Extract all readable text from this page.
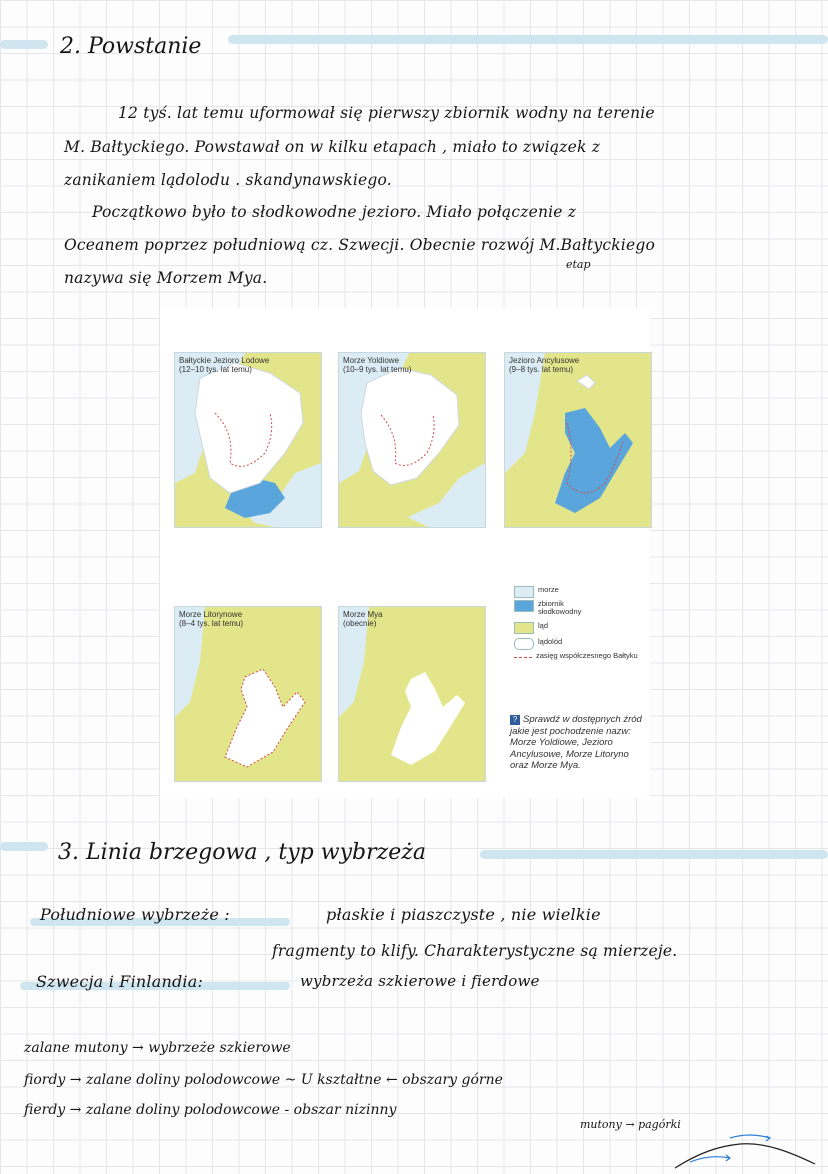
2. Powstanie
12 tyś. lat temu uformował się pierwszy zbiornik wodny na terenie
M. Bałtyckiego. Powstawał on w kilku etapach , miało to związek z
zanikaniem lądolodu . skandynawskiego.
Początkowo było to słodkowodne jezioro. Miało połączenie z
Oceanem poprzez południową cz. Szwecji. Obecnie rozwój M.Bałtyckiego
etap
nazywa się Morzem Mya.
Bałtyckie Jezioro Lodowe
(12–10 tys. lat temu)
Morze Yoldiowe
(10–9 tys. lat temu)
Jezioro Ancylusowe
(9–8 tys. lat temu)
Morze Litorynowe
(8–4 tys. lat temu)
Morze Mya
(obecnie)
morze
zbiornik
słodkowodny
ląd
lądolód
zasięg współczesnego Bałtyku
? Sprawdź w dostępnych źród
jakie jest pochodzenie nazw:
Morze Yoldiowe, Jezioro
Ancylusowe, Morze Litoryno
oraz Morze Mya.
3. Linia brzegowa , typ wybrzeża
Południowe wybrzeże :	płaskie i piaszczyste , nie wielkie
fragmenty to klify. Charakterystyczne są mierzeje.
Szwecja i Finlandia:	wybrzeża szkierowe i fierdowe
zalane mutony → wybrzeże szkierowe
fiordy → zalane doliny polodowcowe ~ U kształtne ← obszary górne
fierdy → zalane doliny polodowcowe - obszar nizinny
mutony → pagórki
